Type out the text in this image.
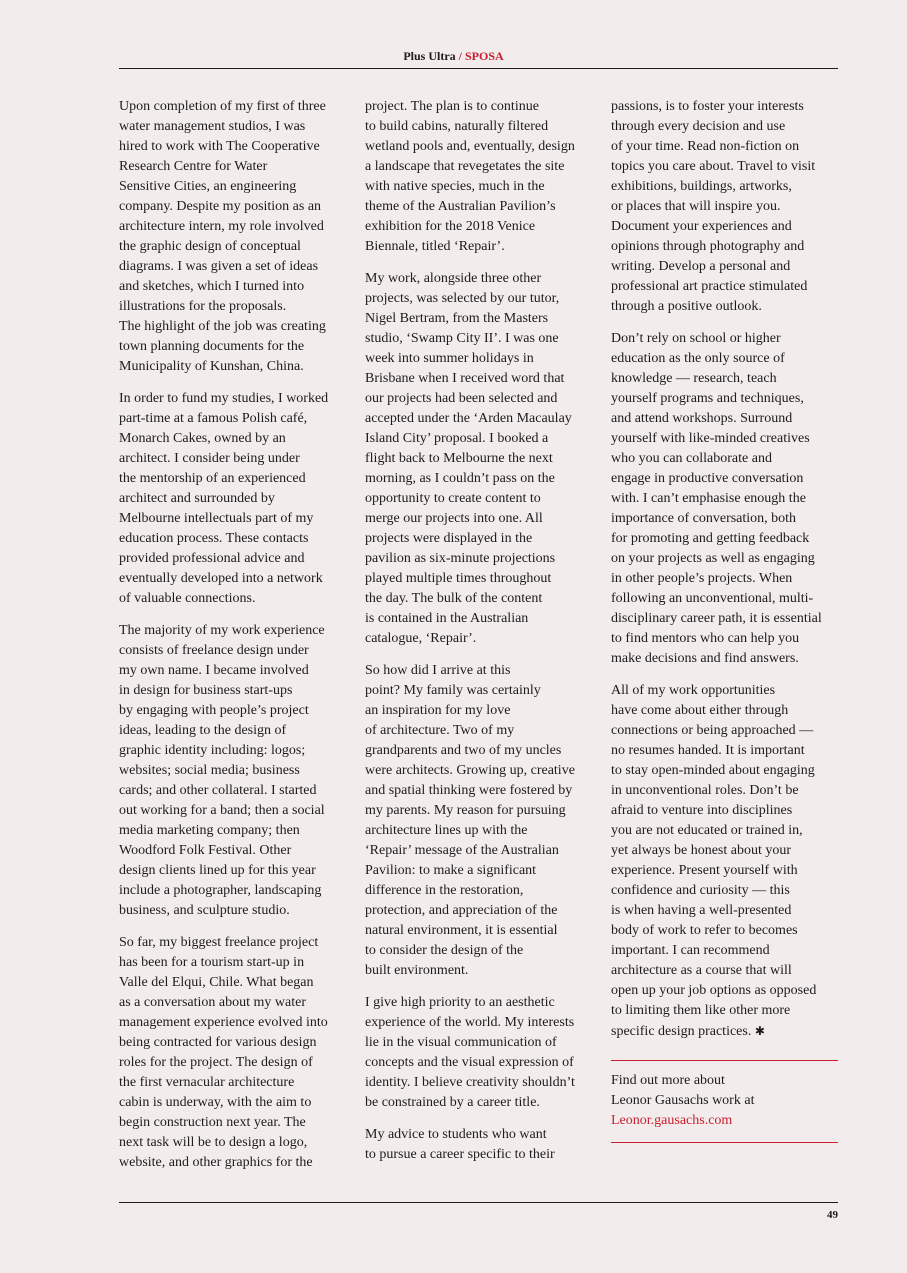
Plus Ultra / SPOSA

Upon completion of my first of three
water management studios, I was
hired to work with The Cooperative
Research Centre for Water
Sensitive Cities, an engineering
company. Despite my position as an
architecture intern, my role involved
the graphic design of conceptual
diagrams. I was given a set of ideas
and sketches, which I turned into
illustrations for the proposals.
The highlight of the job was creating
town planning documents for the
Municipality of Kunshan, China.

In order to fund my studies, I worked
part-time at a famous Polish café,
Monarch Cakes, owned by an
architect. I consider being under
the mentorship of an experienced
architect and surrounded by
Melbourne intellectuals part of my
education process. These contacts
provided professional advice and
eventually developed into a network
of valuable connections.

The majority of my work experience
consists of freelance design under
my own name. I became involved
in design for business start-ups
by engaging with people’s project
ideas, leading to the design of
graphic identity including: logos;
websites; social media; business
cards; and other collateral. I started
out working for a band; then a social
media marketing company; then
Woodford Folk Festival. Other
design clients lined up for this year
include a photographer, landscaping
business, and sculpture studio.

So far, my biggest freelance project
has been for a tourism start-up in
Valle del Elqui, Chile. What began
as a conversation about my water
management experience evolved into
being contracted for various design
roles for the project. The design of
the first vernacular architecture
cabin is underway, with the aim to
begin construction next year. The
next task will be to design a logo,
website, and other graphics for the

project. The plan is to continue
to build cabins, naturally filtered
wetland pools and, eventually, design
a landscape that revegetates the site
with native species, much in the
theme of the Australian Pavilion’s
exhibition for the 2018 Venice
Biennale, titled ‘Repair’.

My work, alongside three other
projects, was selected by our tutor,
Nigel Bertram, from the Masters
studio, ‘Swamp City II’. I was one
week into summer holidays in
Brisbane when I received word that
our projects had been selected and
accepted under the ‘Arden Macaulay
Island City’ proposal. I booked a
flight back to Melbourne the next
morning, as I couldn’t pass on the
opportunity to create content to
merge our projects into one. All
projects were displayed in the
pavilion as six-minute projections
played multiple times throughout
the day. The bulk of the content
is contained in the Australian
catalogue, ‘Repair’.

So how did I arrive at this
point? My family was certainly
an inspiration for my love
of architecture. Two of my
grandparents and two of my uncles
were architects. Growing up, creative
and spatial thinking were fostered by
my parents. My reason for pursuing
architecture lines up with the
‘Repair’ message of the Australian
Pavilion: to make a significant
difference in the restoration,
protection, and appreciation of the
natural environment, it is essential
to consider the design of the
built environment.

I give high priority to an aesthetic
experience of the world. My interests
lie in the visual communication of
concepts and the visual expression of
identity. I believe creativity shouldn’t
be constrained by a career title.

My advice to students who want
to pursue a career specific to their

passions, is to foster your interests
through every decision and use
of your time. Read non-fiction on
topics you care about. Travel to visit
exhibitions, buildings, artworks,
or places that will inspire you.
Document your experiences and
opinions through photography and
writing. Develop a personal and
professional art practice stimulated
through a positive outlook.

Don’t rely on school or higher
education as the only source of
knowledge — research, teach
yourself programs and techniques,
and attend workshops. Surround
yourself with like-minded creatives
who you can collaborate and
engage in productive conversation
with. I can’t emphasise enough the
importance of conversation, both
for promoting and getting feedback
on your projects as well as engaging
in other people’s projects. When
following an unconventional, multi-
disciplinary career path, it is essential
to find mentors who can help you
make decisions and find answers.

All of my work opportunities
have come about either through
connections or being approached —
no resumes handed. It is important
to stay open-minded about engaging
in unconventional roles. Don’t be
afraid to venture into disciplines
you are not educated or trained in,
yet always be honest about your
experience. Present yourself with
confidence and curiosity — this
is when having a well-presented
body of work to refer to becomes
important. I can recommend
architecture as a course that will
open up your job options as opposed
to limiting them like other more
specific design practices. ✱

Find out more about
Leonor Gausachs work at
Leonor.gausachs.com
49
